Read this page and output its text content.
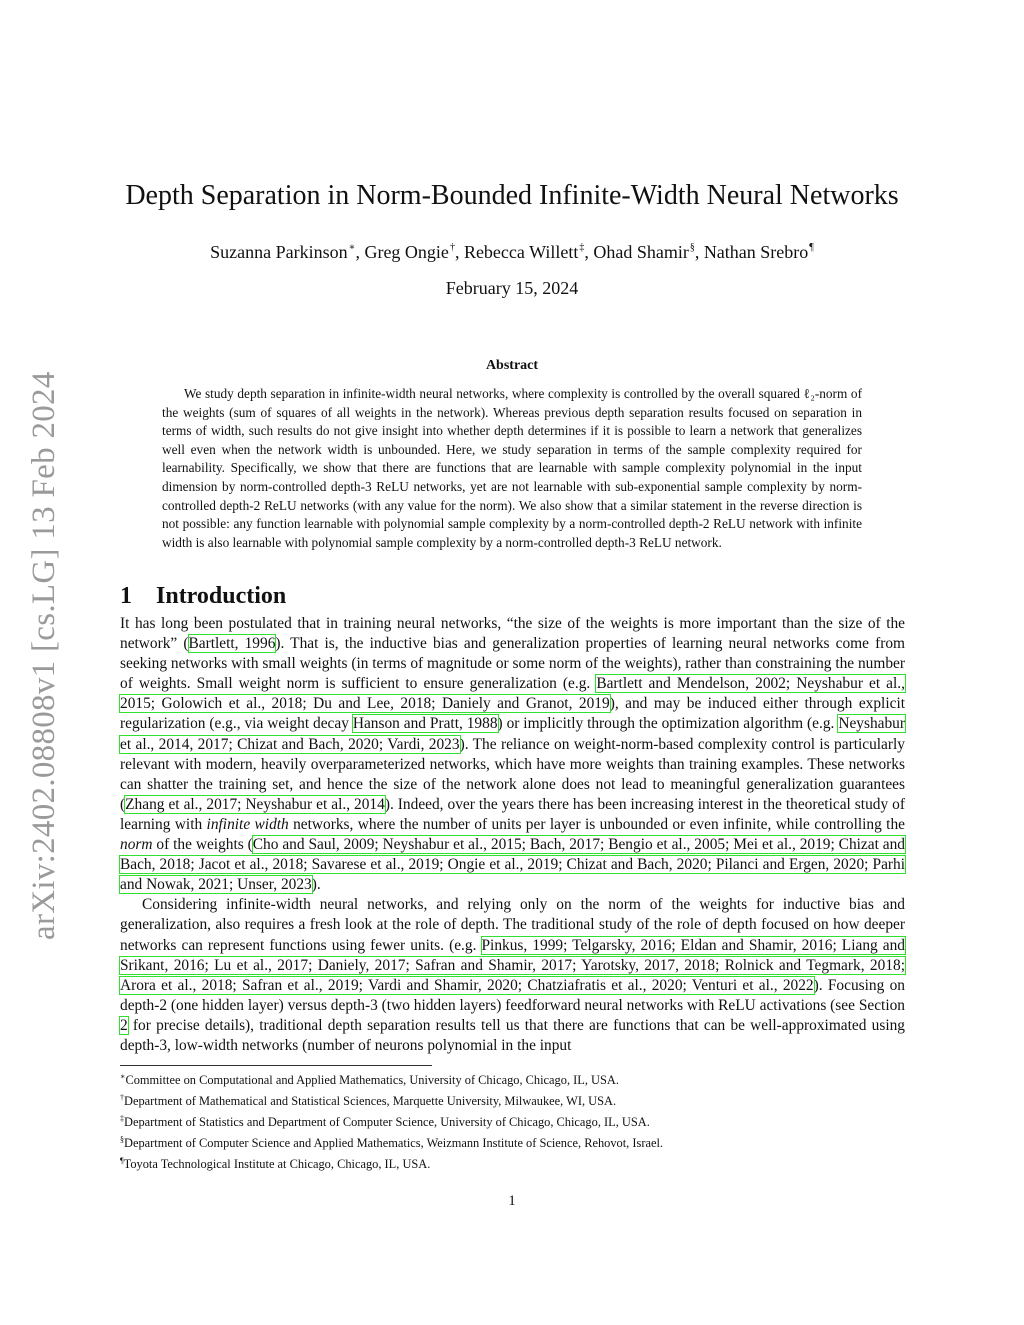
arXiv:2402.08808v1 [cs.LG] 13 Feb 2024
Depth Separation in Norm-Bounded Infinite-Width Neural Networks
Suzanna Parkinson∗, Greg Ongie†, Rebecca Willett‡, Ohad Shamir§, Nathan Srebro¶
February 15, 2024
Abstract
We study depth separation in infinite-width neural networks, where complexity is controlled by the overall squared ℓ₂-norm of the weights (sum of squares of all weights in the network). Whereas previous depth separation results focused on separation in terms of width, such results do not give insight into whether depth determines if it is possible to learn a network that generalizes well even when the network width is unbounded. Here, we study separation in terms of the sample complexity required for learnability. Specifically, we show that there are functions that are learnable with sample complexity polynomial in the input dimension by norm-controlled depth-3 ReLU networks, yet are not learnable with sub-exponential sample complexity by norm-controlled depth-2 ReLU networks (with any value for the norm). We also show that a similar statement in the reverse direction is not possible: any function learnable with polynomial sample complexity by a norm-controlled depth-2 ReLU network with infinite width is also learnable with polynomial sample complexity by a norm-controlled depth-3 ReLU network.
1 Introduction

It has long been postulated that in training neural networks, “the size of the weights is more important than the size of the network” (Bartlett, 1996). That is, the inductive bias and generalization properties of learning neural networks come from seeking networks with small weights (in terms of magnitude or some norm of the weights), rather than constraining the number of weights. Small weight norm is sufficient to ensure generalization (e.g. Bartlett and Mendelson, 2002; Neyshabur et al., 2015; Golowich et al., 2018; Du and Lee, 2018; Daniely and Granot, 2019), and may be induced either through explicit regularization (e.g., via weight decay Hanson and Pratt, 1988) or implicitly through the optimization algorithm (e.g. Neyshabur et al., 2014, 2017; Chizat and Bach, 2020; Vardi, 2023). The reliance on weight-norm-based complexity control is particularly relevant with modern, heavily overparameterized networks, which have more weights than training examples. These networks can shatter the training set, and hence the size of the network alone does not lead to meaningful generalization guarantees (Zhang et al., 2017; Neyshabur et al., 2014). Indeed, over the years there has been increasing interest in the theoretical study of learning with infinite width networks, where the number of units per layer is unbounded or even infinite, while controlling the norm of the weights (Cho and Saul, 2009; Neyshabur et al., 2015; Bach, 2017; Bengio et al., 2005; Mei et al., 2019; Chizat and Bach, 2018; Jacot et al., 2018; Savarese et al., 2019; Ongie et al., 2019; Chizat and Bach, 2020; Pilanci and Ergen, 2020; Parhi and Nowak, 2021; Unser, 2023).

Considering infinite-width neural networks, and relying only on the norm of the weights for inductive bias and generalization, also requires a fresh look at the role of depth. The traditional study of the role of depth focused on how deeper networks can represent functions using fewer units. (e.g. Pinkus, 1999; Telgarsky, 2016; Eldan and Shamir, 2016; Liang and Srikant, 2016; Lu et al., 2017; Daniely, 2017; Safran and Shamir, 2017; Yarotsky, 2017, 2018; Rolnick and Tegmark, 2018; Arora et al., 2018; Safran et al., 2019; Vardi and Shamir, 2020; Chatziafratis et al., 2020; Venturi et al., 2022). Focusing on depth-2 (one hidden layer) versus depth-3 (two hidden layers) feedforward neural networks with ReLU activations (see Section 2 for precise details), traditional depth separation results tell us that there are functions that can be well-approximated using depth-3, low-width networks (number of neurons polynomial in the input

∗Committee on Computational and Applied Mathematics, University of Chicago, Chicago, IL, USA.
†Department of Mathematical and Statistical Sciences, Marquette University, Milwaukee, WI, USA.
‡Department of Statistics and Department of Computer Science, University of Chicago, Chicago, IL, USA.
§Department of Computer Science and Applied Mathematics, Weizmann Institute of Science, Rehovot, Israel.
¶Toyota Technological Institute at Chicago, Chicago, IL, USA.
1
